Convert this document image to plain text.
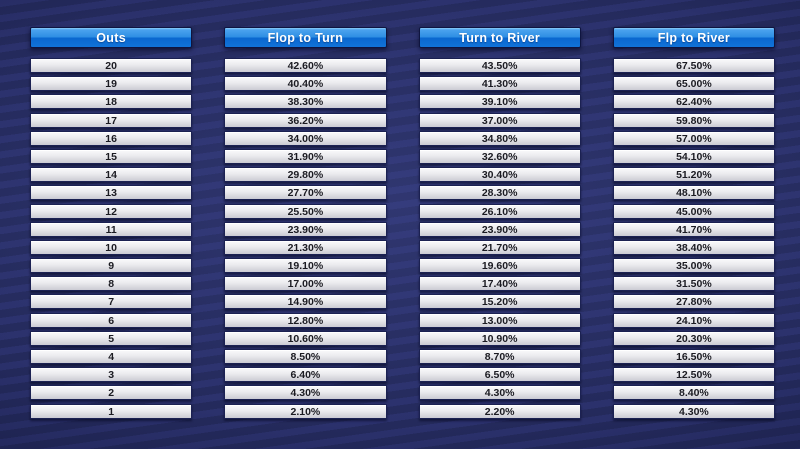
Outs
20
19
18
17
16
15
14
13
12
11
10
9
8
7
6
5
4
3
2
1
Flop to Turn
42.60%
40.40%
38.30%
36.20%
34.00%
31.90%
29.80%
27.70%
25.50%
23.90%
21.30%
19.10%
17.00%
14.90%
12.80%
10.60%
8.50%
6.40%
4.30%
2.10%
Turn to River
43.50%
41.30%
39.10%
37.00%
34.80%
32.60%
30.40%
28.30%
26.10%
23.90%
21.70%
19.60%
17.40%
15.20%
13.00%
10.90%
8.70%
6.50%
4.30%
2.20%
Flp to River
67.50%
65.00%
62.40%
59.80%
57.00%
54.10%
51.20%
48.10%
45.00%
41.70%
38.40%
35.00%
31.50%
27.80%
24.10%
20.30%
16.50%
12.50%
8.40%
4.30%
